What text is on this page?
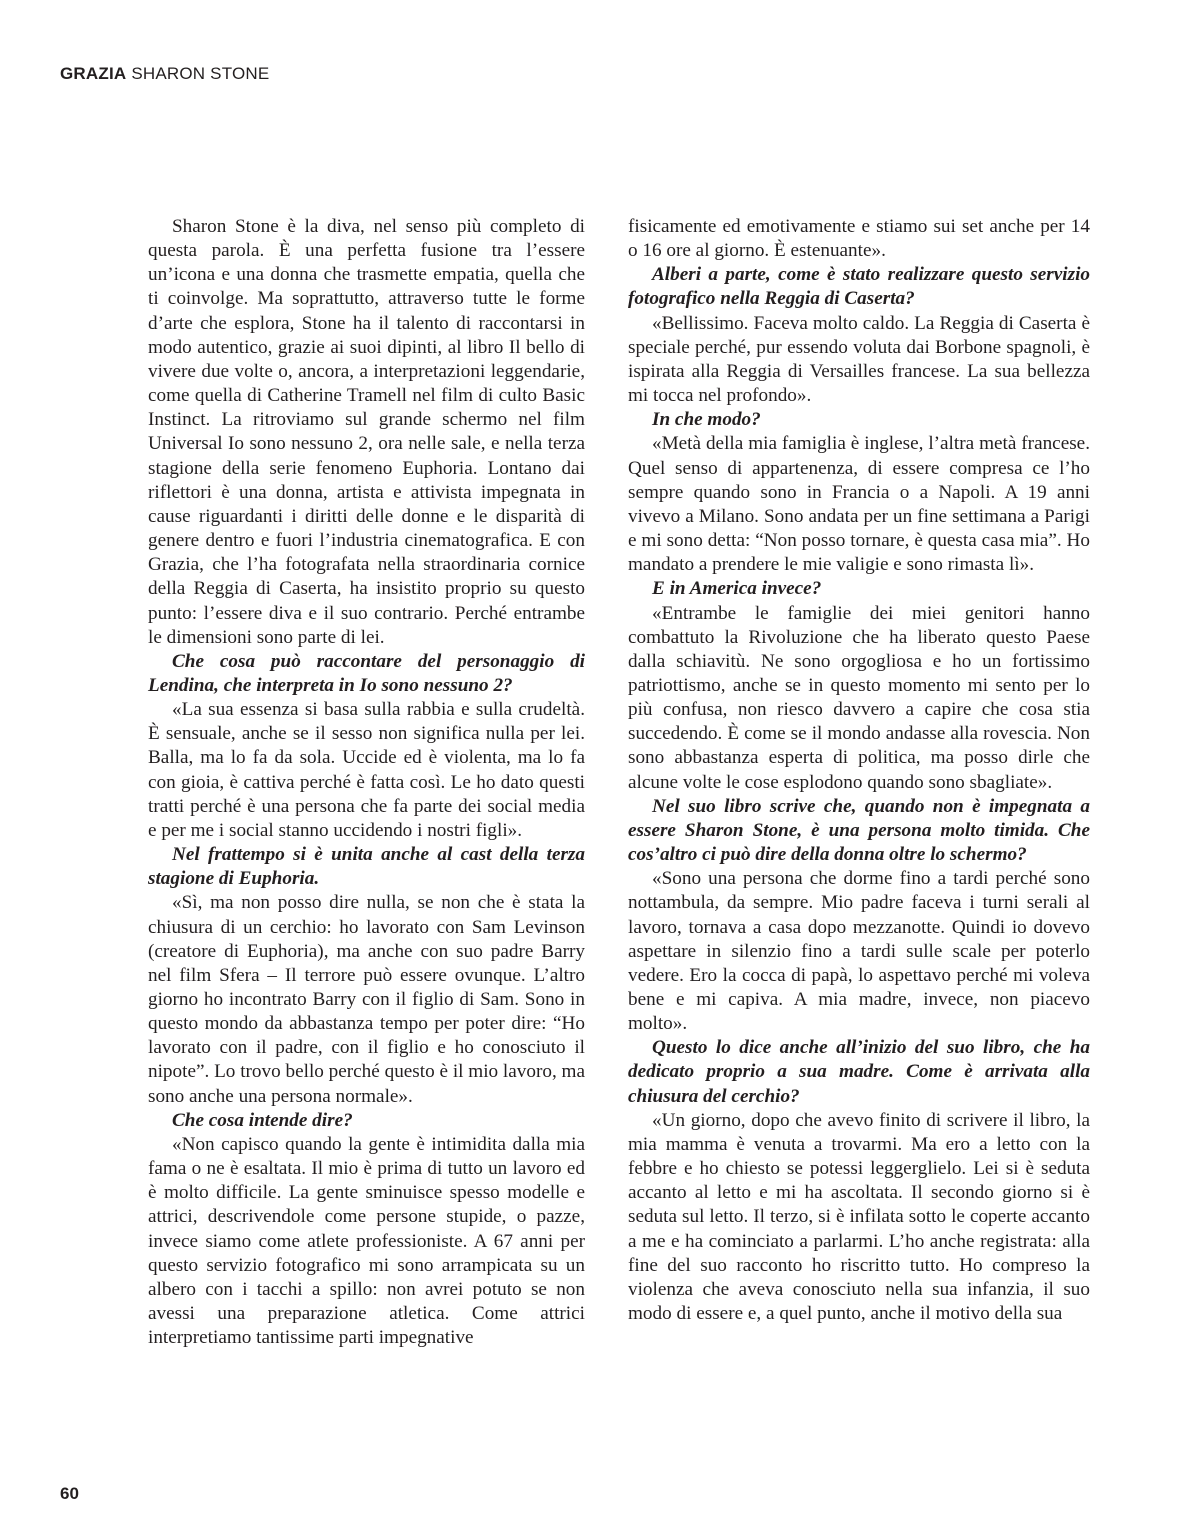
GRAZIA SHARON STONE

Sharon Stone è la diva, nel senso più completo di questa parola. È una perfetta fusione tra l’essere un’icona e una donna che trasmette empatia, quella che ti coinvolge. Ma soprattutto, attraverso tutte le forme d’arte che esplora, Stone ha il talento di raccontarsi in modo autentico, grazie ai suoi dipinti, al libro Il bello di vivere due volte o, ancora, a interpretazioni leggendarie, come quella di Catherine Tramell nel film di culto Basic Instinct. La ritroviamo sul grande schermo nel film Universal Io sono nessuno 2, ora nelle sale, e nella terza stagione della serie fenomeno Euphoria. Lontano dai riflettori è una donna, artista e attivista impegnata in cause riguardanti i diritti delle donne e le disparità di genere dentro e fuori l’industria cinematografica. E con Grazia, che l’ha fotografata nella straordinaria cornice della Reggia di Caserta, ha insistito proprio su questo punto: l’essere diva e il suo contrario. Perché entrambe le dimensioni sono parte di lei.

Che cosa può raccontare del personaggio di Lendina, che interpreta in Io sono nessuno 2?

«La sua essenza si basa sulla rabbia e sulla crudeltà. È sensuale, anche se il sesso non significa nulla per lei. Balla, ma lo fa da sola. Uccide ed è violenta, ma lo fa con gioia, è cattiva perché è fatta così. Le ho dato questi tratti perché è una persona che fa parte dei social media e per me i social stanno uccidendo i nostri figli».

Nel frattempo si è unita anche al cast della terza stagione di Euphoria.

«Sì, ma non posso dire nulla, se non che è stata la chiusura di un cerchio: ho lavorato con Sam Levinson (creatore di Euphoria), ma anche con suo padre Barry nel film Sfera – Il terrore può essere ovunque. L’altro giorno ho incontrato Barry con il figlio di Sam. Sono in questo mondo da abbastanza tempo per poter dire: “Ho lavorato con il padre, con il figlio e ho conosciuto il nipote”. Lo trovo bello perché questo è il mio lavoro, ma sono anche una persona normale».

Che cosa intende dire?

«Non capisco quando la gente è intimidita dalla mia fama o ne è esaltata. Il mio è prima di tutto un lavoro ed è molto difficile. La gente sminuisce spesso modelle e attrici, descrivendole come persone stupide, o pazze, invece siamo come atlete professioniste. A 67 anni per questo servizio fotografico mi sono arrampicata su un albero con i tacchi a spillo: non avrei potuto se non avessi una preparazione atletica. Come attrici interpretiamo tantissime parti impegnative

fisicamente ed emotivamente e stiamo sui set anche per 14 o 16 ore al giorno. È estenuante».

Alberi a parte, come è stato realizzare questo servizio fotografico nella Reggia di Caserta?

«Bellissimo. Faceva molto caldo. La Reggia di Caserta è speciale perché, pur essendo voluta dai Borbone spagnoli, è ispirata alla Reggia di Versailles francese. La sua bellezza mi tocca nel profondo».

In che modo?

«Metà della mia famiglia è inglese, l’altra metà francese. Quel senso di appartenenza, di essere compresa ce l’ho sempre quando sono in Francia o a Napoli. A 19 anni vivevo a Milano. Sono andata per un fine settimana a Parigi e mi sono detta: “Non posso tornare, è questa casa mia”. Ho mandato a prendere le mie valigie e sono rimasta lì».

E in America invece?

«Entrambe le famiglie dei miei genitori hanno combattuto la Rivoluzione che ha liberato questo Paese dalla schiavitù. Ne sono orgogliosa e ho un fortissimo patriottismo, anche se in questo momento mi sento per lo più confusa, non riesco davvero a capire che cosa stia succedendo. È come se il mondo andasse alla rovescia. Non sono abbastanza esperta di politica, ma posso dirle che alcune volte le cose esplodono quando sono sbagliate».

Nel suo libro scrive che, quando non è impegnata a essere Sharon Stone, è una persona molto timida. Che cos’altro ci può dire della donna oltre lo schermo?

«Sono una persona che dorme fino a tardi perché sono nottambula, da sempre. Mio padre faceva i turni serali al lavoro, tornava a casa dopo mezzanotte. Quindi io dovevo aspettare in silenzio fino a tardi sulle scale per poterlo vedere. Ero la cocca di papà, lo aspettavo perché mi voleva bene e mi capiva. A mia madre, invece, non piacevo molto».

Questo lo dice anche all’inizio del suo libro, che ha dedicato proprio a sua madre. Come è arrivata alla chiusura del cerchio?

«Un giorno, dopo che avevo finito di scrivere il libro, la mia mamma è venuta a trovarmi. Ma ero a letto con la febbre e ho chiesto se potessi leggerglielo. Lei si è seduta accanto al letto e mi ha ascoltata. Il secondo giorno si è seduta sul letto. Il terzo, si è infilata sotto le coperte accanto a me e ha cominciato a parlarmi. L’ho anche registrata: alla fine del suo racconto ho riscritto tutto. Ho compreso la violenza che aveva conosciuto nella sua infanzia, il suo modo di essere e, a quel punto, anche il motivo della sua

60
